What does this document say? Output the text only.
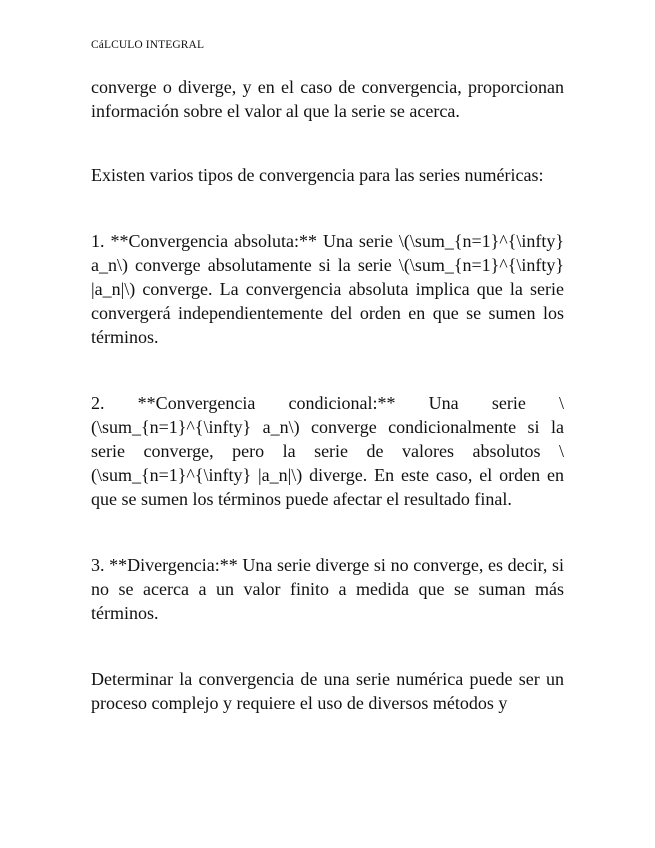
CáLCULO INTEGRAL

converge o diverge, y en el caso de convergencia, proporcionan información sobre el valor al que la serie se acerca.

Existen varios tipos de convergencia para las series numéricas:

1. **Convergencia absoluta:** Una serie \(\sum_{n=1}^{\infty} a_n\) converge absolutamente si la serie \(\sum_{n=1}^{\infty} |a_n|\) converge. La convergencia absoluta implica que la serie convergerá independientemente del orden en que se sumen los términos.

2. **Convergencia condicional:** Una serie \(\sum_{n=1}^{\infty} a_n\) converge condicionalmente si la serie converge, pero la serie de valores absolutos \(\sum_{n=1}^{\infty} |a_n|\) diverge. En este caso, el orden en que se sumen los términos puede afectar el resultado final.

3. **Divergencia:** Una serie diverge si no converge, es decir, si no se acerca a un valor finito a medida que se suman más términos.

Determinar la convergencia de una serie numérica puede ser un proceso complejo y requiere el uso de diversos métodos y
